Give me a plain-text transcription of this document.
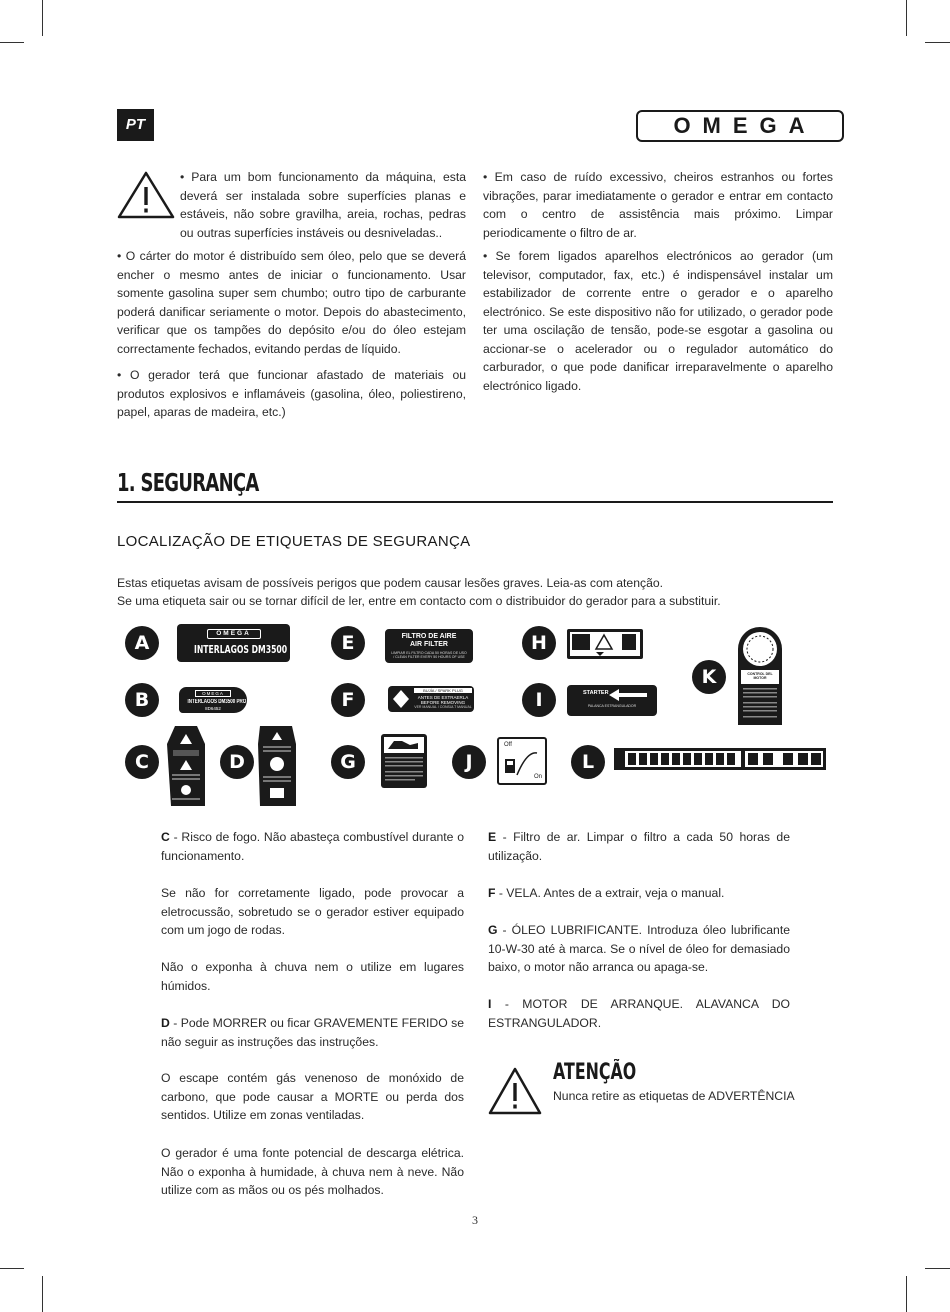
PT	OMEGA
• Para um bom funcionamento da máquina, esta deverá ser instalada sobre superfícies planas e estáveis, não sobre gravilha, areia, rochas, pedras ou outras superfícies instáveis ou desniveladas..
• O cárter do motor é distribuído sem óleo, pelo que se deverá encher o mesmo antes de iniciar o funcionamento. Usar somente gasolina super sem chumbo; outro tipo de carburante poderá danificar seriamente o motor. Depois do abastecimento, verificar que os tampões do depósito e/ou do óleo estejam correctamente fechados, evitando perdas de líquido.
• O gerador terá que funcionar afastado de materiais ou produtos explosivos e inflamáveis (gasolina, óleo, poliestireno, papel, aparas de madeira, etc.)
• Em caso de ruído excessivo, cheiros estranhos ou fortes vibrações, parar imediatamente o gerador e entrar em contacto com o centro de assistência mais próximo. Limpar periodicamente o filtro de ar.
• Se forem ligados aparelhos electrónicos ao gerador (um televisor, computador, fax, etc.) é indispensável instalar um estabilizador de corrente entre o gerador e o aparelho electrónico. Se este dispositivo não for utilizado, o gerador pode ter uma oscilação de tensão, pode-se esgotar a gasolina ou accionar-se o acelerador ou o regulador automático do carburador, o que pode danificar irreparavelmente o aparelho electrónico ligado.
1. SEGURANÇA
LOCALIZAÇÃO DE ETIQUETAS DE SEGURANÇA
Estas etiquetas avisam de possíveis perigos que podem causar lesões graves. Leia-as com atenção.
Se uma etiqueta sair ou se tornar difícil de ler, entre em contacto com o distribuidor do gerador para a substituir.
A
B
C	D
E
F
G
H
I
J
K
L
OMEGA
INTERLAGOS DM3500 PRO
OMEGA
INTERLAGOS DM3500 PRO
8D6452
FILTRO DE AIRE
AIR FILTER
LIMPIAR EL FILTRO CADA 50 HORAS DE USO / CLEAN FILTER EVERY 50 HOURS OF USE
BUJÍA / SPARK PLUG
ANTES DE EXTRAERLA
BEFORE REMOVING
VER MANUAL / CONSULT MANUAL
STARTER
PALANCA ESTRANGULADOR
Off
On
CONTROL DEL MOTOR
C - Risco de fogo. Não abasteça combustível durante o funcionamento.
Se não for corretamente ligado, pode provocar a eletrocussão, sobretudo se o gerador estiver equipado com um jogo de rodas.
Não o exponha à chuva nem o utilize em lugares húmidos.
D - Pode MORRER ou ficar GRAVEMENTE FERIDO se não seguir as instruções das instruções.
O escape contém gás venenoso de monóxido de carbono, que pode causar a MORTE ou perda dos sentidos. Utilize em zonas ventiladas.
O gerador é uma fonte potencial de descarga elétrica. Não o exponha à humidade, à chuva nem à neve. Não utilize com as mãos ou os pés molhados.
E - Filtro de ar. Limpar o filtro a cada 50 horas de utilização.
F - VELA. Antes de a extrair, veja o manual.
G - ÓLEO LUBRIFICANTE. Introduza óleo lubrificante 10-W-30 até à marca. Se o nível de óleo for demasiado baixo, o motor não arranca ou apaga-se.
I - MOTOR DE ARRANQUE. ALAVANCA DO ESTRANGULADOR.
ATENÇÃO
Nunca retire as etiquetas de ADVERTÊNCIA
3
